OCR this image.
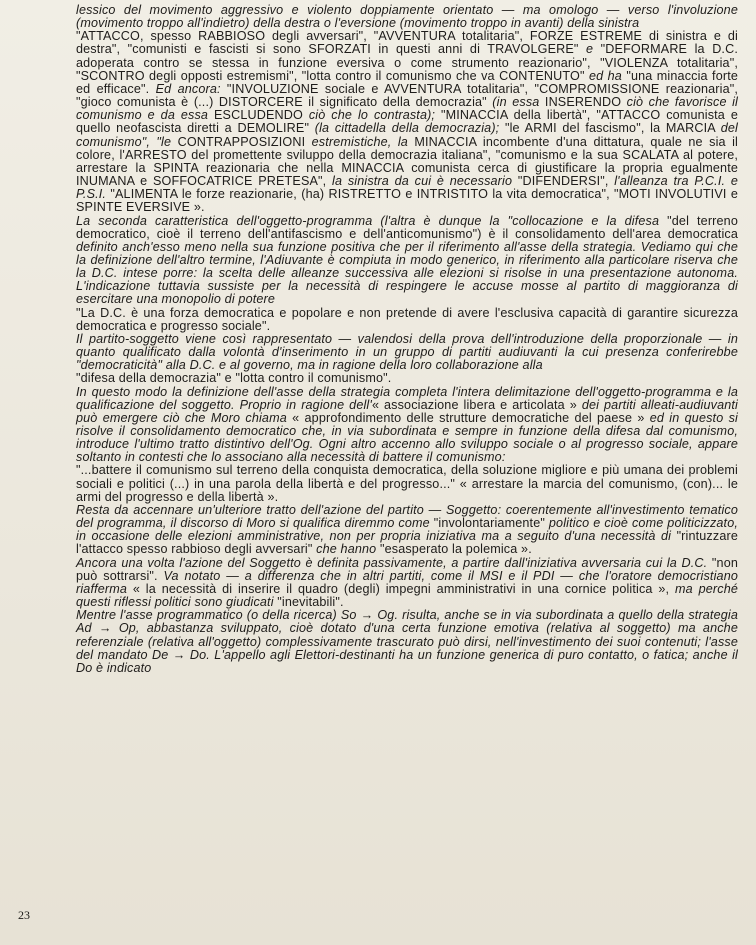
lessico del movimento aggressivo e violento doppiamente orientato — ma omologo — verso l'involuzione (movimento troppo all'indietro) della destra o l'eversione (movimento troppo in avanti) della sinistra

"ATTACCO, spesso RABBIOSO degli avversari", "AVVENTURA totalitaria", FORZE ESTREME di sinistra e di destra", "comunisti e fascisti si sono SFORZATI in questi anni di TRAVOLGERE" e "DEFORMARE la D.C. adoperata contro se stessa in funzione eversiva o come strumento reazionario", "VIOLENZA totalitaria", "SCONTRO degli opposti estremismi", "lotta contro il comunismo che va CONTENUTO" ed ha "una minaccia forte ed efficace". Ed ancora: "INVOLUZIONE sociale e AVVENTURA totalitaria", "COMPROMISSIONE reazionaria", "gioco comunista è (...) DISTORCERE il significato della democrazia" (in essa INSERENDO ciò che favorisce il comunismo e da essa ESCLUDENDO ciò che lo contrasta); "MINACCIA della libertà", "ATTACCO comunista e quello neofascista diretti a DEMOLIRE" (la cittadella della democrazia); "le ARMI del fascismo", la MARCIA del comunismo", "le CONTRAPPOSIZIONI estremistiche, la MINACCIA incombente d'una dittatura, quale ne sia il colore, l'ARRESTO del promettente sviluppo della democrazia italiana", "comunismo e la sua SCALATA al potere, arrestare la SPINTA reazionaria che nella MINACCIA comunista cerca di giustificare la propria egualmente INUMANA e SOFFOCATRICE PRETESA", la sinistra da cui è necessario "DIFENDERSI", l'alleanza tra P.C.I. e P.S.I. "ALIMENTA le forze reazionarie, (ha) RISTRETTO e INTRISTITO la vita democratica", "MOTI INVOLUTIVI e SPINTE EVERSIVE ».

La seconda caratteristica dell'oggetto-programma (l'altra è dunque la "collocazione e la difesa "del terreno democratico, cioè il terreno dell'antifascismo e dell'anticomunismo") è il consolidamento dell'area democratica definito anch'esso meno nella sua funzione positiva che per il riferimento all'asse della strategia. Vediamo qui che la definizione dell'altro termine, l'Adiuvante è compiuta in modo generico, in riferimento alla particolare riserva che la D.C. intese porre: la scelta delle alleanze successiva alle elezioni si risolse in una presentazione autonoma. L'indicazione tuttavia sussiste per la necessità di respingere le accuse mosse al partito di maggioranza di esercitare una monopolio di potere

"La D.C. è una forza democratica e popolare e non pretende di avere l'esclusiva capacità di garantire sicurezza democratica e progresso sociale".

Il partito-soggetto viene così rappresentato — valendosi della prova dell'introduzione della proporzionale — in quanto qualificato dalla volontà d'inserimento in un gruppo di partiti audiuvanti la cui presenza conferirebbe "democraticità" alla D.C. e al governo, ma in ragione della loro collaborazione alla

"difesa della democrazia" e "lotta contro il comunismo".

In questo modo la definizione dell'asse della strategia completa l'intera delimitazione dell'oggetto-programma e la qualificazione del soggetto. Proprio in ragione dell'« associazione libera e articolata » dei partiti alleati-audiuvanti può emergere ciò che Moro chiama « approfondimento delle strutture democratiche del paese » ed in questo si risolve il consolidamento democratico che, in via subordinata e sempre in funzione della difesa dal comunismo, introduce l'ultimo tratto distintivo dell'Og. Ogni altro accenno allo sviluppo sociale o al progresso sociale, appare soltanto in contesti che lo associano alla necessità di battere il comunismo:

"...battere il comunismo sul terreno della conquista democratica, della soluzione migliore e più umana dei problemi sociali e politici (...) in una parola della libertà e del progresso..." « arrestare la marcia del comunismo, (con)... le armi del progresso e della libertà ».

Resta da accennare un'ulteriore tratto dell'azione del partito — Soggetto: coerentemente all'investimento tematico del programma, il discorso di Moro si qualifica diremmo come "involontariamente" politico e cioè come politicizzato, in occasione delle elezioni amministrative, non per propria iniziativa ma a seguito d'una necessità di "rintuzzare l'attacco spesso rabbioso degli avversari" che hanno "esasperato la polemica ».

Ancora una volta l'azione del Soggetto è definita passivamente, a partire dall'iniziativa avversaria cui la D.C. "non può sottrarsi". Va notato — a differenza che in altri partiti, come il MSI e il PDI — che l'oratore democristiano riafferma « la necessità di inserire il quadro (degli) impegni amministrativi in una cornice politica », ma perché questi riflessi politici sono giudicati "inevitabili".

Mentre l'asse programmatico (o della ricerca) So → Og. risulta, anche se in via subordinata a quello della strategia Ad → Op, abbastanza sviluppato, cioè dotato d'una certa funzione emotiva (relativa al soggetto) ma anche referenziale (relativa all'oggetto) complessivamente trascurato può dirsi, nell'investimento dei suoi contenuti; l'asse del mandato De → Do. L'appello agli Elettori-destinanti ha un funzione generica di puro contatto, o fatica; anche il Do è indicato

23
